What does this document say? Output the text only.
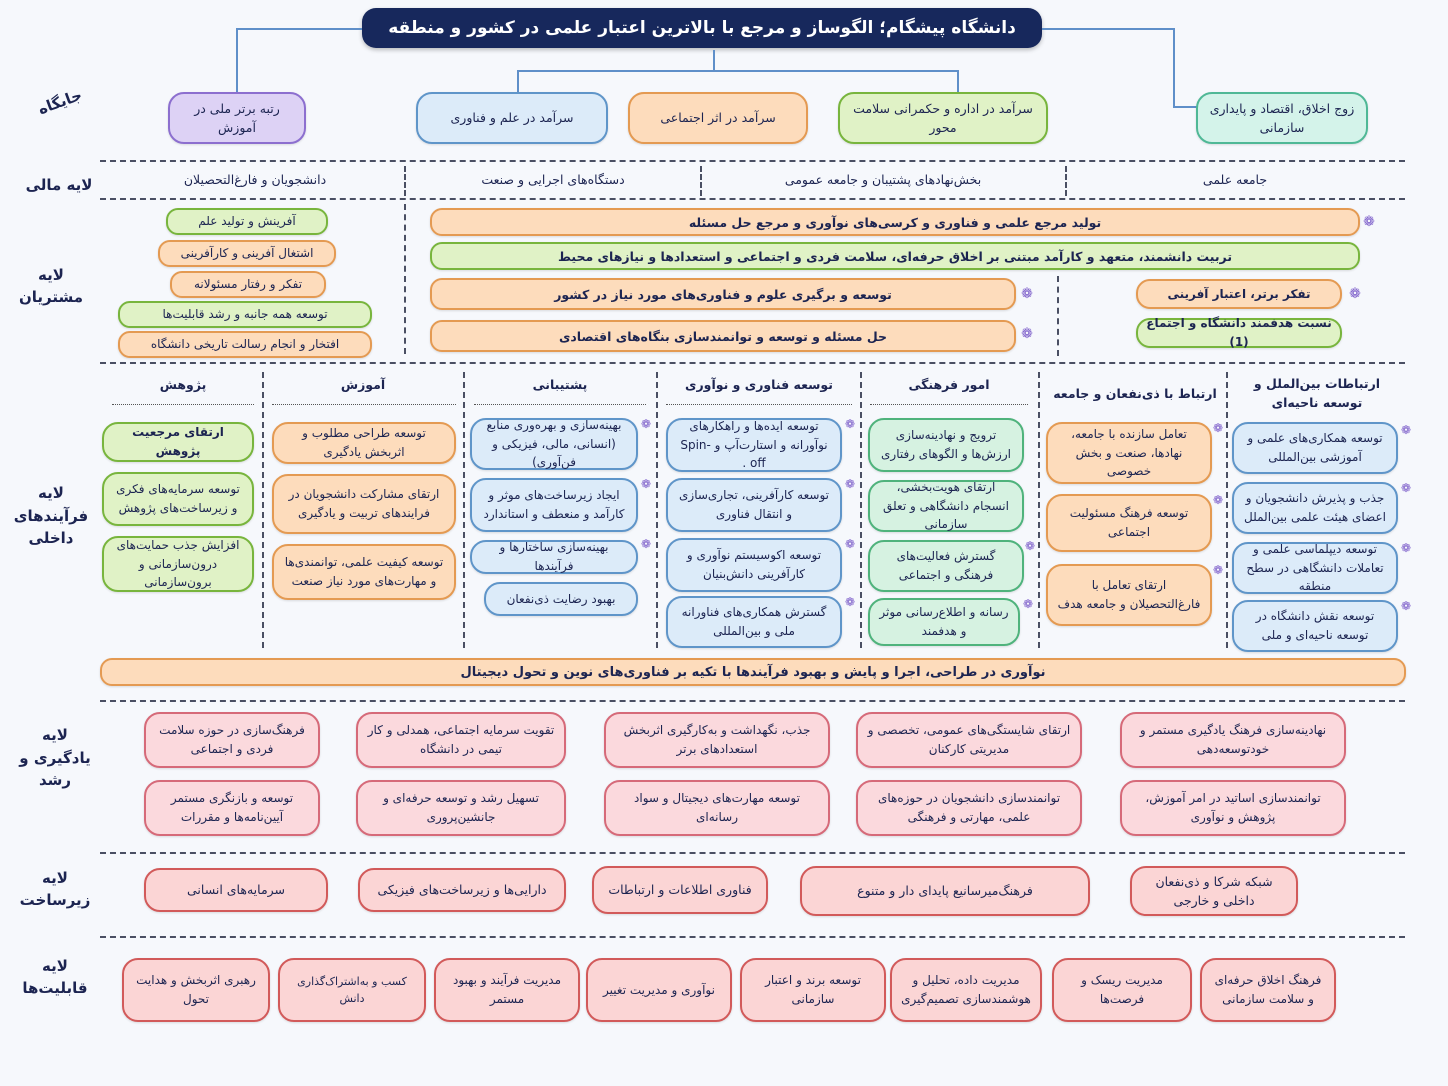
دانشگاه پیشگام؛ الگوساز و مرجع با بالاترین اعتبار علمی در کشور و منطقه
جایگاه	رتبه برتر ملی در آموزش
سرآمد در علم و فناوری	سرآمد در اثر اجتماعی
سرآمد در اداره و حکمرانی سلامت محور
زوج اخلاق، اقتصاد و پایداری سازمانی
لایه مالی	دانشجویان و فارغ‌التحصیلان	دستگاه‌های اجرایی و صنعت	بخش‌نهادهای پشتیبان و جامعه عمومی	جامعه علمی
لایه مشتریان
آفرینش و تولید علم
اشتغال آفرینی و کارآفرینی
تفکر و رفتار مسئولانه
توسعه همه جانبه و رشد قابلیت‌ها
افتخار و انجام رسالت تاریخی دانشگاه
تولید مرجع علمی و فناوری و کرسی‌های نوآوری و مرجع حل مسئله	❁
تربیت دانشمند، متعهد و کارآمد مبتنی بر اخلاق حرفه‌ای، سلامت فردی و اجتماعی و استعدادها و نیازهای محیط
توسعه و برگیری علوم و فناوری‌های مورد نیاز در کشور	❁
حل مسئله و توسعه و توانمندسازی بنگاه‌های اقتصادی	❁
تفکر برتر، اعتبار آفرینی	❁
نسبت هدفمند دانشگاه و اجتماع (1)
لایه فرآیندهای داخلی
پژوهش	آموزش	پشتیبانی	توسعه فناوری و نوآوری	امور فرهنگی
ارتباط با ذی‌نفعان و جامعه
ارتباطات بین‌الملل و توسعه ناحیه‌ای
ارتقای مرجعیت پژوهش
توسعه سرمایه‌های فکری و زیرساخت‌های پژوهش
افزایش جذب حمایت‌های درون‌سازمانی و برون‌سازمانی
توسعه طراحی مطلوب و اثربخش یادگیری
ارتقای مشارکت دانشجویان در فرایندهای تربیت و یادگیری
توسعه کیفیت علمی، توانمندی‌ها و مهارت‌های مورد نیاز صنعت
بهینه‌سازی و بهره‌وری منابع (انسانی، مالی، فیزیکی و فن‌آوری)
❁
ایجاد زیرساخت‌های موثر و کارآمد و منعطف و استاندارد
❁
بهینه‌سازی ساختارها و فرآیندها
❁
بهبود رضایت ذی‌نفعان
توسعه ایده‌ها و راهکارهای نوآورانه و استارت‌آپ و Spin-off .
❁
توسعه کارآفرینی، تجاری‌سازی و انتقال فناوری
❁
توسعه اکوسیستم نوآوری و کارآفرینی دانش‌بنیان
❁
گسترش همکاری‌های فناورانه ملی و بین‌المللی
❁
ترویج و نهادینه‌سازی ارزش‌ها و الگوهای رفتاری
ارتقای هویت‌بخشی، انسجام دانشگاهی و تعلق سازمانی
گسترش فعالیت‌های فرهنگی و اجتماعی
❁
رسانه و اطلاع‌رسانی موثر و هدفمند
❁
تعامل سازنده با جامعه، نهادها، صنعت و بخش خصوصی
❁
توسعه فرهنگ مسئولیت اجتماعی
❁
ارتقای تعامل با فارغ‌التحصیلان و جامعه هدف
❁
توسعه همکاری‌های علمی و آموزشی بین‌المللی
❁
جذب و پذیرش دانشجویان و اعضای هیئت علمی بین‌الملل
❁
توسعه دیپلماسی علمی و تعاملات دانشگاهی در سطح منطقه
❁
توسعه نقش دانشگاه در توسعه ناحیه‌ای و ملی
❁
نوآوری در طراحی، اجرا و پایش و بهبود فرآیندها با تکیه بر فناوری‌های نوین و تحول دیجیتال
لایه یادگیری و رشد
فرهنگ‌سازی در حوزه سلامت فردی و اجتماعی
تقویت سرمایه اجتماعی، همدلی و کار تیمی در دانشگاه
جذب، نگهداشت و به‌کارگیری اثربخش استعدادهای برتر
ارتقای شایستگی‌های عمومی، تخصصی و مدیریتی کارکنان
نهادینه‌سازی فرهنگ یادگیری مستمر و خودتوسعه‌دهی
توسعه و بازنگری مستمر آیین‌نامه‌ها و مقررات
تسهیل رشد و توسعه حرفه‌ای و جانشین‌پروری
توسعه مهارت‌های دیجیتال و سواد رسانه‌ای
توانمندسازی دانشجویان در حوزه‌های علمی، مهارتی و فرهنگی
توانمندسازی اساتید در امر آموزش، پژوهش و نوآوری
لایه زیرساخت
سرمایه‌های انسانی	دارایی‌ها و زیرساخت‌های فیزیکی	فناوری اطلاعات و ارتباطات	فرهنگ‌میرسانیع پایدای دار و متنوع
شبکه شرکا و ذی‌نفعان داخلی و خارجی
لایه قابلیت‌ها	رهبری اثربخش و هدایت تحول
کسب و به‌اشتراک‌گذاری دانش
مدیریت فرآیند و بهبود مستمر
نوآوری و مدیریت تغییر
توسعه برند و اعتبار سازمانی
مدیریت داده، تحلیل و هوشمندسازی تصمیم‌گیری
مدیریت ریسک و فرصت‌ها
فرهنگ اخلاق حرفه‌ای و سلامت سازمانی
